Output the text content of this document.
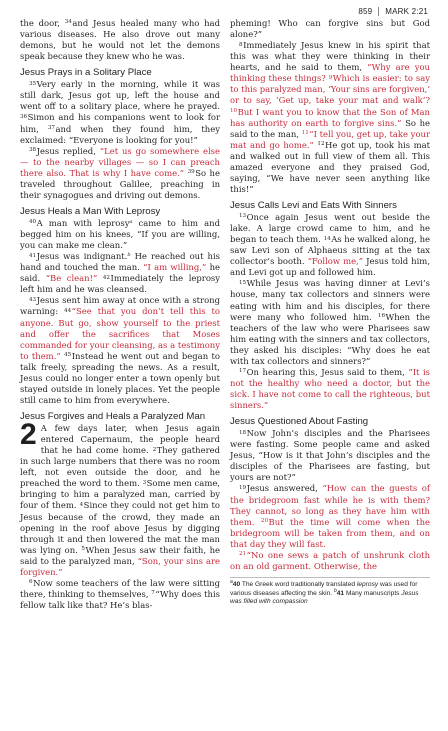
859 MARK 2:21

the door, $^{34}$and Jesus healed many who had various diseases. He also drove out many demons, but he would not let the demons speak because they knew who he was.

Jesus Prays in a Solitary Place

$^{35}$Very early in the morning, while it was still dark, Jesus got up, left the house and went off to a solitary place, where he prayed. $^{36}$Simon and his companions went to look for him, $^{37}$and when they found him, they exclaimed: “Everyone is looking for you!”

$^{38}$Jesus replied, “Let us go somewhere else — to the nearby villages — so I can preach there also. That is why I have come.” $^{39}$So he traveled throughout Galilee, preaching in their synagogues and driving out demons.

Jesus Heals a Man With Leprosy

$^{40}$A man with leprosy$^a$ came to him and begged him on his knees, “If you are willing, you can make me clean.”

$^{41}$Jesus was indignant.$^b$ He reached out his hand and touched the man. “I am willing,” he said. “Be clean!” $^{42}$Immediately the leprosy left him and he was cleansed.

$^{43}$Jesus sent him away at once with a strong warning: $^{44}$“See that you don’t tell this to anyone. But go, show yourself to the priest and offer the sacrifices that Moses commanded for your cleansing, as a testimony to them.” $^{45}$Instead he went out and began to talk freely, spreading the news. As a result, Jesus could no longer enter a town openly but stayed outside in lonely places. Yet the people still came to him from everywhere.

Jesus Forgives and Heals a Paralyzed Man

2 A few days later, when Jesus again entered Capernaum, the people heard that he had come home. $^2$They gathered in such large numbers that there was no room left, not even outside the door, and he preached the word to them. $^3$Some men came, bringing to him a paralyzed man, carried by four of them. $^4$Since they could not get him to Jesus because of the crowd, they made an opening in the roof above Jesus by digging through it and then lowered the mat the man was lying on. $^5$When Jesus saw their faith, he said to the paralyzed man, “Son, your sins are forgiven.”

$^6$Now some teachers of the law were sitting there, thinking to themselves, $^7$“Why does this fellow talk like that? He’s blas-

pheming! Who can forgive sins but God alone?”

$^8$Immediately Jesus knew in his spirit that this was what they were thinking in their hearts, and he said to them, “Why are you thinking these things? $^9$Which is easier: to say to this paralyzed man, ‘Your sins are forgiven,’ or to say, ‘Get up, take your mat and walk’? $^{10}$But I want you to know that the Son of Man has authority on earth to forgive sins.” So he said to the man, $^{11}$“I tell you, get up, take your mat and go home.” $^{12}$He got up, took his mat and walked out in full view of them all. This amazed everyone and they praised God, saying, “We have never seen anything like this!”

Jesus Calls Levi and Eats With Sinners

$^{13}$Once again Jesus went out beside the lake. A large crowd came to him, and he began to teach them. $^{14}$As he walked along, he saw Levi son of Alphaeus sitting at the tax collector’s booth. “Follow me,” Jesus told him, and Levi got up and followed him.

$^{15}$While Jesus was having dinner at Levi’s house, many tax collectors and sinners were eating with him and his disciples, for there were many who followed him. $^{16}$When the teachers of the law who were Pharisees saw him eating with the sinners and tax collectors, they asked his disciples: “Why does he eat with tax collectors and sinners?”

$^{17}$On hearing this, Jesus said to them, “It is not the healthy who need a doctor, but the sick. I have not come to call the righteous, but sinners.”

Jesus Questioned About Fasting

$^{18}$Now John’s disciples and the Pharisees were fasting. Some people came and asked Jesus, “How is it that John’s disciples and the disciples of the Pharisees are fasting, but yours are not?”

$^{19}$Jesus answered, “How can the guests of the bridegroom fast while he is with them? They cannot, so long as they have him with them. $^{20}$But the time will come when the bridegroom will be taken from them, and on that day they will fast.

$^{21}$“No one sews a patch of unshrunk cloth on an old garment. Otherwise, the

$^a$40 The Greek word traditionally translated leprosy was used for various diseases affecting the skin. $^b$41 Many manuscripts Jesus was filled with compassion
